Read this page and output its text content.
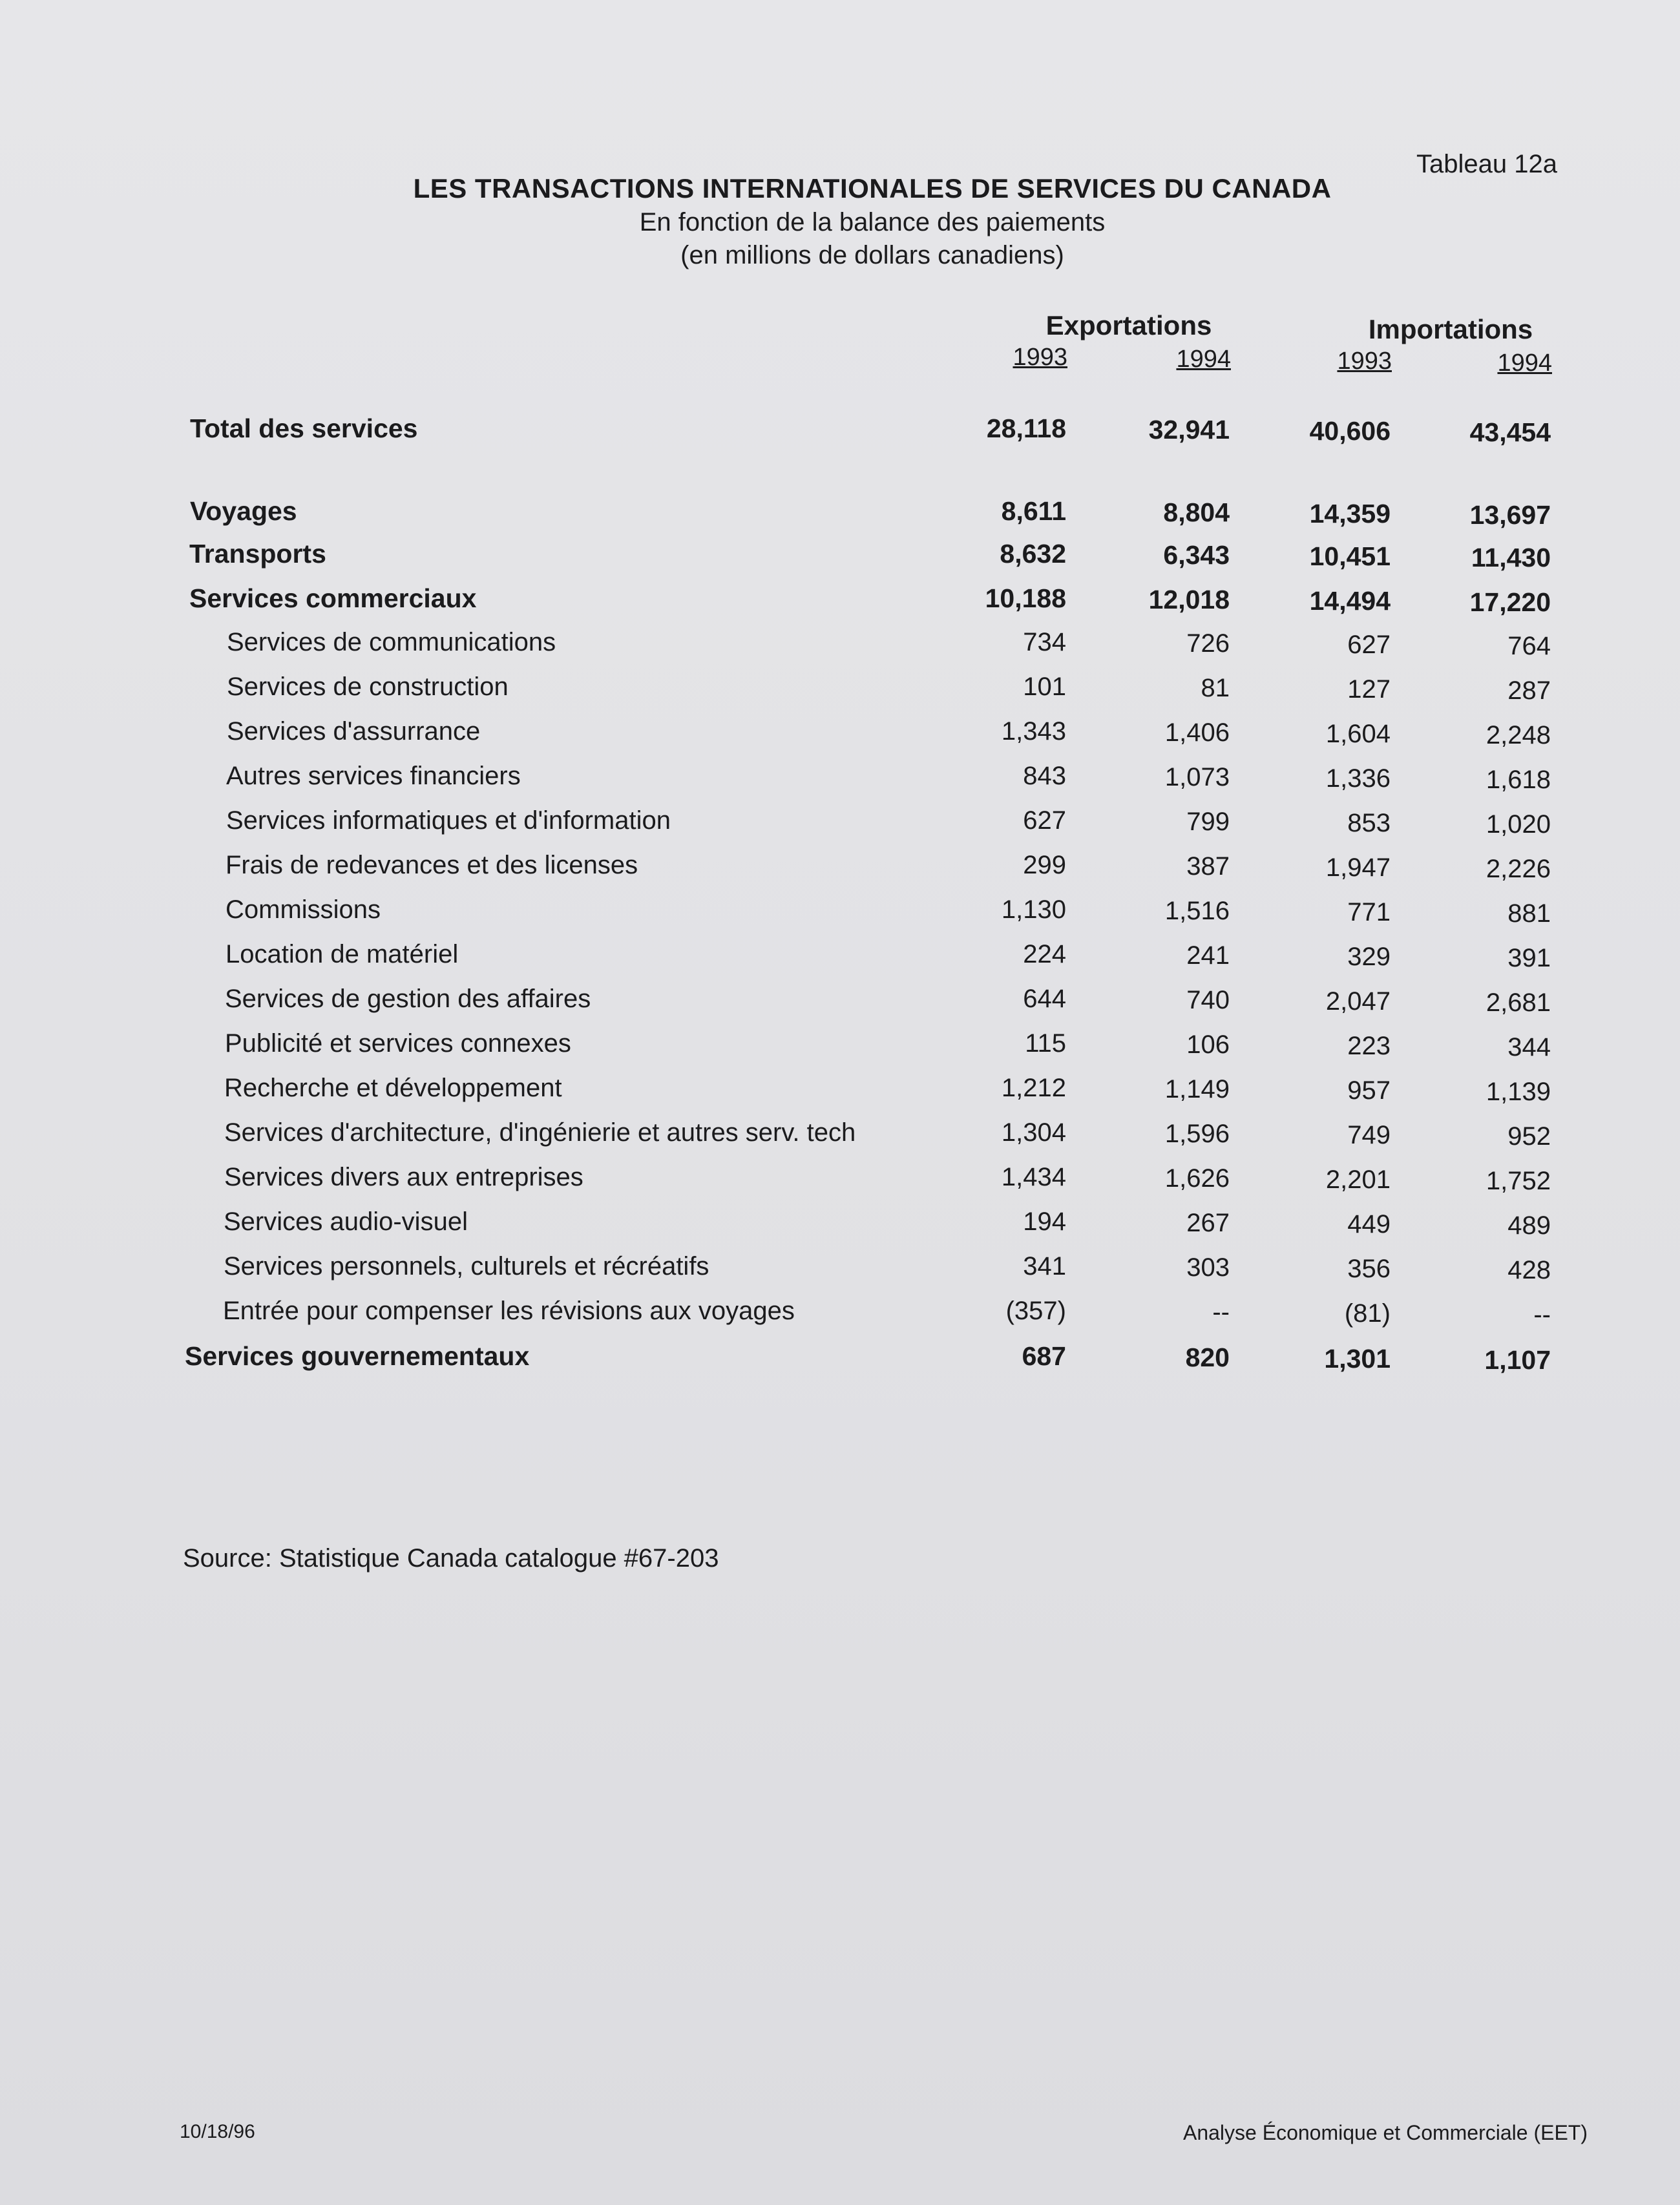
Tableau 12a
LES TRANSACTIONS INTERNATIONALES DE SERVICES DU CANADA
En fonction de la balance des paiements
(en millions de dollars canadiens)
Exportations	Importations
1993	1994	1993	1994
Total des services	28,118	32,941	40,606	43,454
Voyages	8,611	8,804	14,359	13,697
Transports	8,632	6,343	10,451	11,430
Services commerciaux	10,188	12,018	14,494	17,220
Services de communications	734	726	627	764
Services de construction	101	81	127	287
Services d'assurrance	1,343	1,406	1,604	2,248
Autres services financiers	843	1,073	1,336	1,618
Services informatiques et d'information	627	799	853	1,020
Frais de redevances et des licenses	299	387	1,947	2,226
Commissions	1,130	1,516	771	881
Location de matériel	224	241	329	391
Services de gestion des affaires	644	740	2,047	2,681
Publicité et services connexes	115	106	223	344
Recherche et développement	1,212	1,149	957	1,139
Services d'architecture, d'ingénierie et autres serv. tech	1,304	1,596	749	952
Services divers aux entreprises	1,434	1,626	2,201	1,752
Services audio-visuel	194	267	449	489
Services personnels, culturels et récréatifs	341	303	356	428
Entrée pour compenser les révisions aux voyages	(357)	--	(81)	--
Services gouvernementaux	687	820	1,301	1,107
Source: Statistique Canada catalogue #67-203
10/18/96	Analyse Économique et Commerciale (EET)
